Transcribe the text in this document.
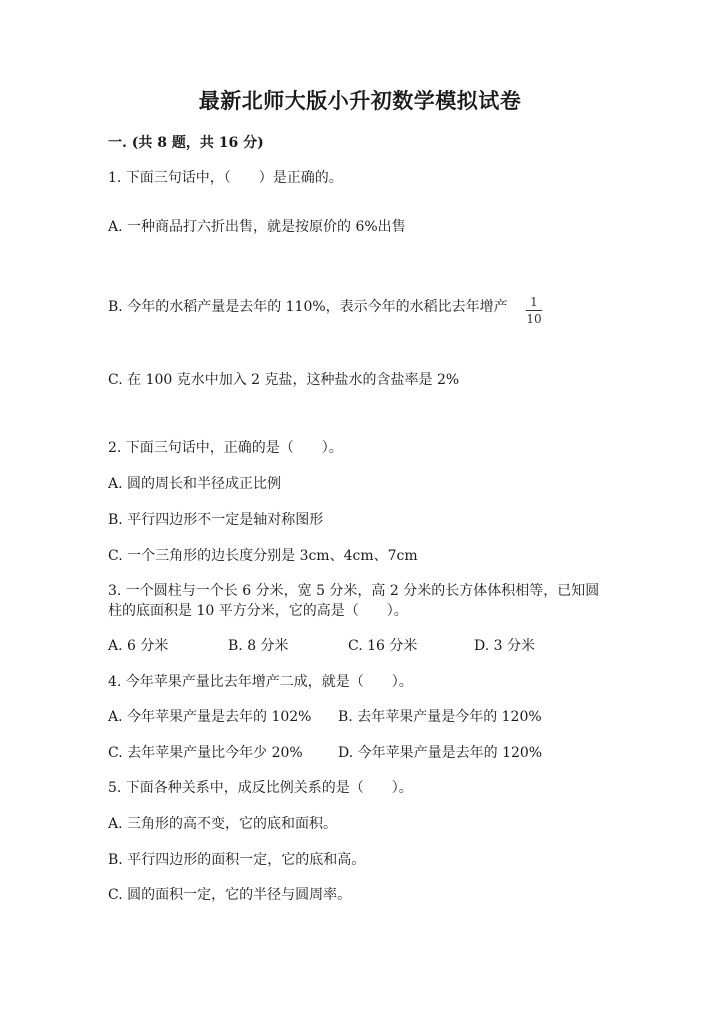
最新北师大版小升初数学模拟试卷
一. (共 8 题，共 16 分)
1. 下面三句话中，（　　）是正确的。
A. 一种商品打六折出售，就是按原价的 6%出售
B. 今年的水稻产量是去年的 110%，表示今年的水稻比去年增产	1
10
C. 在 100 克水中加入 2 克盐，这种盐水的含盐率是 2%
2. 下面三句话中，正确的是（　　）。
A. 圆的周长和半径成正比例
B. 平行四边形不一定是轴对称图形
C. 一个三角形的边长度分别是 3cm、4cm、7cm
3. 一个圆柱与一个长 6 分米，宽 5 分米，高 2 分米的长方体体积相等，已知圆
柱的底面积是 10 平方分米，它的高是（　　）。
A. 6 分米	B. 8 分米	C. 16 分米	D. 3 分米
4. 今年苹果产量比去年增产二成，就是（　　）。
A. 今年苹果产量是去年的 102% B. 去年苹果产量是今年的 120%
C. 去年苹果产量比今年少 20%	D. 今年苹果产量是去年的 120%
5. 下面各种关系中，成反比例关系的是（　　）。
A. 三角形的高不变，它的底和面积。
B. 平行四边形的面积一定，它的底和高。
C. 圆的面积一定，它的半径与圆周率。
